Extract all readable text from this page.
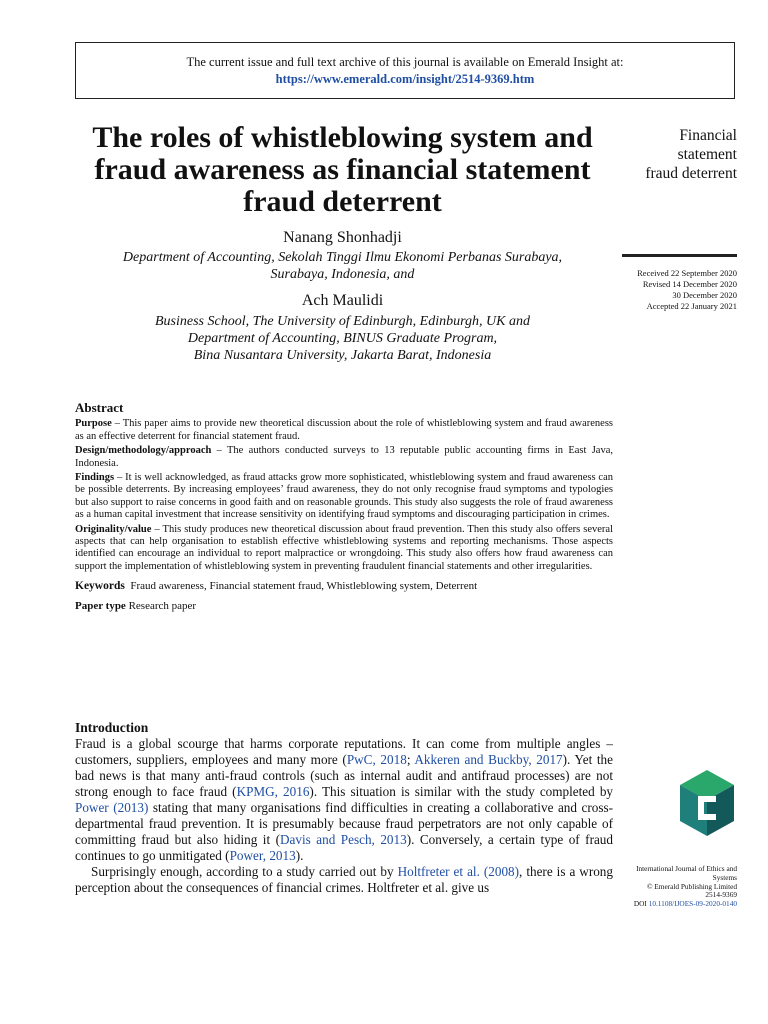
The current issue and full text archive of this journal is available on Emerald Insight at:
https://www.emerald.com/insight/2514-9369.htm
The roles of whistleblowing system and fraud awareness as financial statement fraud deterrent
Financial
statement
fraud deterrent
Received 22 September 2020
Revised 14 December 2020
30 December 2020
Accepted 22 January 2021
Nanang Shonhadji
Department of Accounting, Sekolah Tinggi Ilmu Ekonomi Perbanas Surabaya,
Surabaya, Indonesia, and
Ach Maulidi
Business School, The University of Edinburgh, Edinburgh, UK and
Department of Accounting, BINUS Graduate Program,
Bina Nusantara University, Jakarta Barat, Indonesia
Abstract

Purpose – This paper aims to provide new theoretical discussion about the role of whistleblowing system and fraud awareness as an effective deterrent for financial statement fraud.

Design/methodology/approach – The authors conducted surveys to 13 reputable public accounting firms in East Java, Indonesia.

Findings – It is well acknowledged, as fraud attacks grow more sophisticated, whistleblowing system and fraud awareness can be possible deterrents. By increasing employees’ fraud awareness, they do not only recognise fraud symptoms and typologies but also support to raise concerns in good faith and on reasonable grounds. This study also suggests the role of fraud awareness as a human capital investment that increase sensitivity on identifying fraud symptoms and discouraging participation in crimes.

Originality/value – This study produces new theoretical discussion about fraud prevention. Then this study also offers several aspects that can help organisation to establish effective whistleblowing systems and reporting mechanisms. Those aspects identified can encourage an individual to report malpractice or wrongdoing. This study also offers how fraud awareness can support the implementation of whistleblowing system in preventing fraudulent financial statements and other irregularities.

Keywords Fraud awareness, Financial statement fraud, Whistleblowing system, Deterrent

Paper type Research paper

Introduction

Fraud is a global scourge that harms corporate reputations. It can come from multiple angles – customers, suppliers, employees and many more (PwC, 2018; Akkeren and Buckby, 2017). Yet the bad news is that many anti-fraud controls (such as internal audit and antifraud processes) are not strong enough to face fraud (KPMG, 2016). This situation is similar with the study completed by Power (2013) stating that many organisations find difficulties in creating a collaborative and cross-departmental fraud prevention. It is presumably because fraud perpetrators are not only capable of committing fraud but also hiding it (Davis and Pesch, 2013). Conversely, a certain type of fraud continues to go unmitigated (Power, 2013).

Surprisingly enough, according to a study carried out by Holtfreter et al. (2008), there is a wrong perception about the consequences of financial crimes. Holtfreter et al. give us

International Journal of Ethics and
Systems
© Emerald Publishing Limited
2514-9369
DOI 10.1108/IJOES-09-2020-0140
